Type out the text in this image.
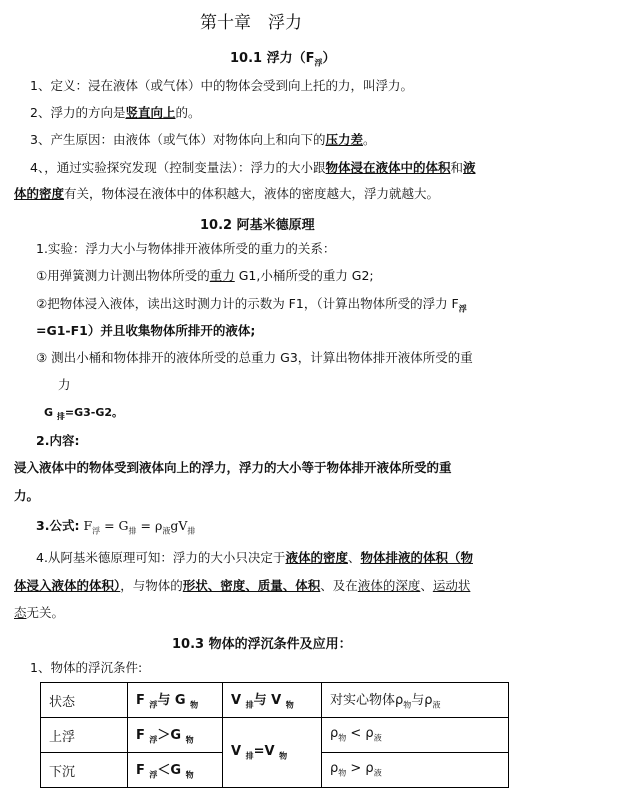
第十章　浮力
10.1 浮力$(F_浮)$
1、定义：浸在液体（或气体）中的物体会受到向上托的力，叫浮力。
2、浮力的方向是竖直向上的。
3、产生原因：由液体（或气体）对物体向上和向下的压力差。
4、，通过实验探究发现（控制变量法）：浮力的大小跟物体浸在液体中的体积和液
体的密度有关，物体浸在液体中的体积越大，液体的密度越大，浮力就越大。
10.2 阿基米德原理
1.实验：浮力大小与物体排开液体所受的重力的关系：
①用弹簧测力计测出物体所受的重力 G1,小桶所受的重力 G2;
②把物体浸入液体，读出这时测力计的示数为 F1，（计算出物体所受的浮力 $F_浮$
=G1-F1）并且收集物体所排开的液体;
③ 测出小桶和物体排开的液体所受的总重力 G3，计算出物体排开液体所受的重
力
G $_排$=G3-G2。
2.内容:
浸入液体中的物体受到液体向上的浮力，浮力的大小等于物体排开液体所受的重
力。
3.公式: $F_浮 = G_排 = \rho_液gV_排$
4.从阿基米德原理可知：浮力的大小只决定于液体的密度、物体排液的体积（物
体浸入液体的体积），与物体的形状、密度、质量、体积、及在液体的深度、运动状
态无关。
10.3 物体的浮沉条件及应用：
1、物体的浮沉条件:
状态	F $_浮$与 G $_物$	V $_排$与 V $_物$	对实心物体$\rho_物$与$\rho_液$
上浮	F $_浮$＞G $_物$	V $_排$=V $_物$	$\rho_物 < \rho_液$
下沉	F $_浮$＜G $_物$		$\rho_物 > \rho_液$
